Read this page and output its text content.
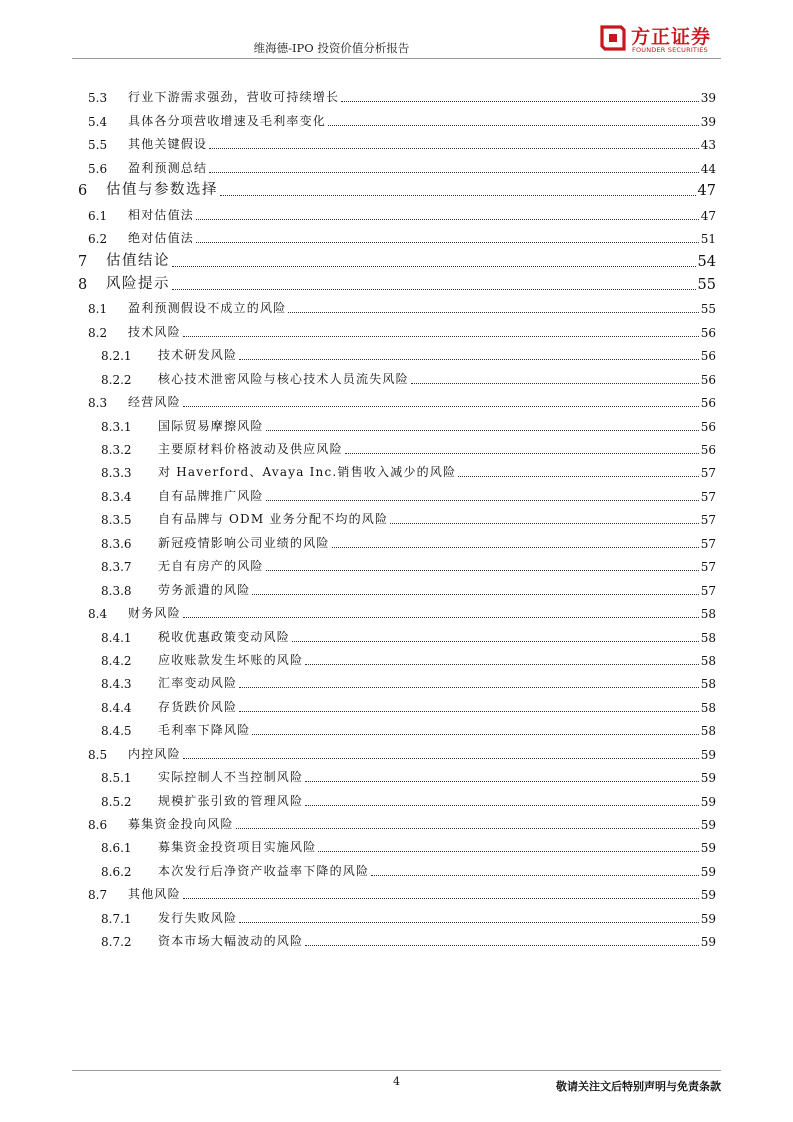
维海德-IPO 投资价值分析报告	方正证券
FOUNDER SECURITIES
5.3	行业下游需求强劲，营收可持续增长	39
5.4	具体各分项营收增速及毛利率变化	39
5.5	其他关键假设	43
5.6	盈利预测总结	44
6	估值与参数选择	47
6.1	相对估值法	47
6.2	绝对估值法	51
7	估值结论	54
8	风险提示	55
8.1	盈利预测假设不成立的风险	55
8.2	技术风险	56
8.2.1	技术研发风险	56
8.2.2	核心技术泄密风险与核心技术人员流失风险	56
8.3	经营风险	56
8.3.1	国际贸易摩擦风险	56
8.3.2	主要原材料价格波动及供应风险	56
8.3.3	对 Haverford、Avaya Inc.销售收入减少的风险	57
8.3.4	自有品牌推广风险	57
8.3.5	自有品牌与 ODM 业务分配不均的风险	57
8.3.6	新冠疫情影响公司业绩的风险	57
8.3.7	无自有房产的风险	57
8.3.8	劳务派遣的风险	57
8.4	财务风险	58
8.4.1	税收优惠政策变动风险	58
8.4.2	应收账款发生坏账的风险	58
8.4.3	汇率变动风险	58
8.4.4	存货跌价风险	58
8.4.5	毛利率下降风险	58
8.5	内控风险	59
8.5.1	实际控制人不当控制风险	59
8.5.2	规模扩张引致的管理风险	59
8.6	募集资金投向风险	59
8.6.1	募集资金投资项目实施风险	59
8.6.2	本次发行后净资产收益率下降的风险	59
8.7	其他风险	59
8.7.1	发行失败风险	59
8.7.2	资本市场大幅波动的风险	59
4	敬请关注文后特别声明与免责条款
